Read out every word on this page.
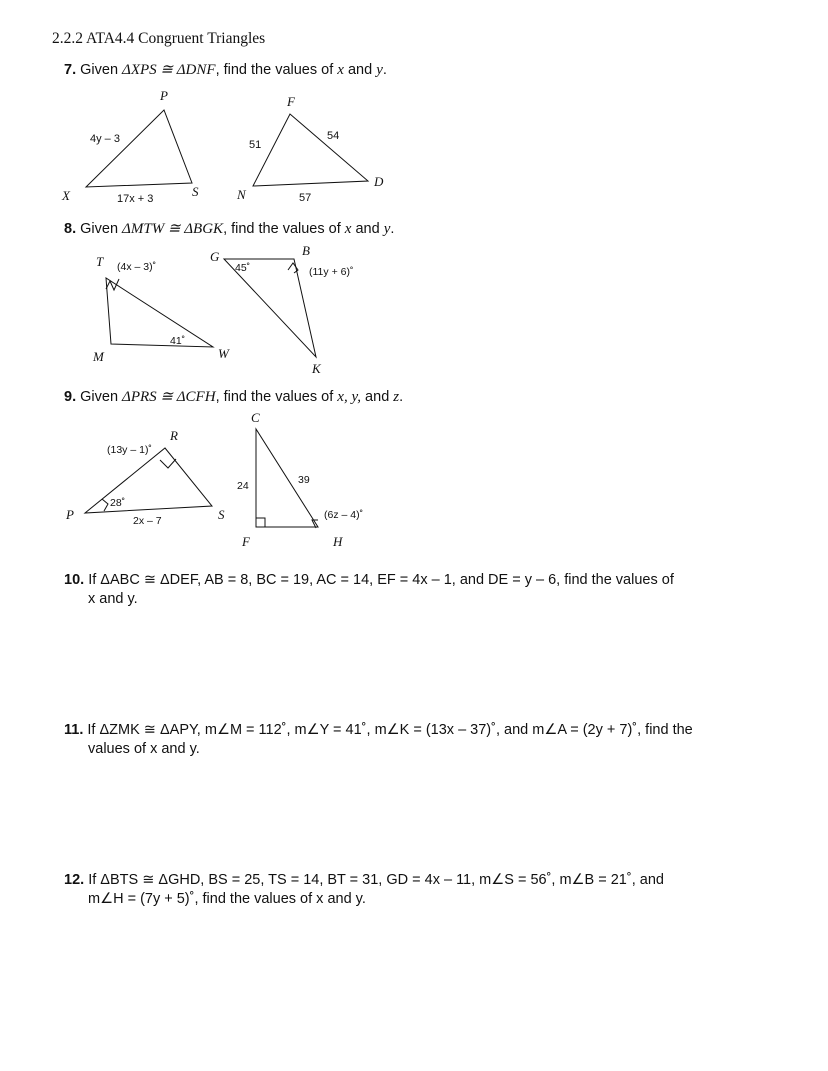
2.2.2 ATA4.4 Congruent Triangles
7. Given ΔXPS ≅ ΔDNF, find the values of x and y.
8. Given ΔMTW ≅ ΔBGK, find the values of x and y.
9. Given ΔPRS ≅ ΔCFH, find the values of x, y, and z.
10. If ΔABC ≅ ΔDEF, AB = 8, BC = 19, AC = 14, EF = 4x – 1, and DE = y – 6, find the values of
x and y.
11. If ΔZMK ≅ ΔAPY, m∠M = 112˚, m∠Y = 41˚, m∠K = (13x – 37)˚, and m∠A = (2y + 7)˚, find the
values of x and y.
12. If ΔBTS ≅ ΔGHD, BS = 25, TS = 14, BT = 31, GD = 4x – 11, m∠S = 56˚, m∠B = 21˚, and
m∠H = (7y + 5)˚, find the values of x and y.
P
X	S
F
N
D
4y – 3
17x + 3
51
54
57
T
M	W
G	B
K
(4x – 3)˚
41˚
45˚	(11y + 6)˚
P
R
S
C
F	H
(13y – 1)˚
28˚
2x – 7
24	39
(6z – 4)˚
